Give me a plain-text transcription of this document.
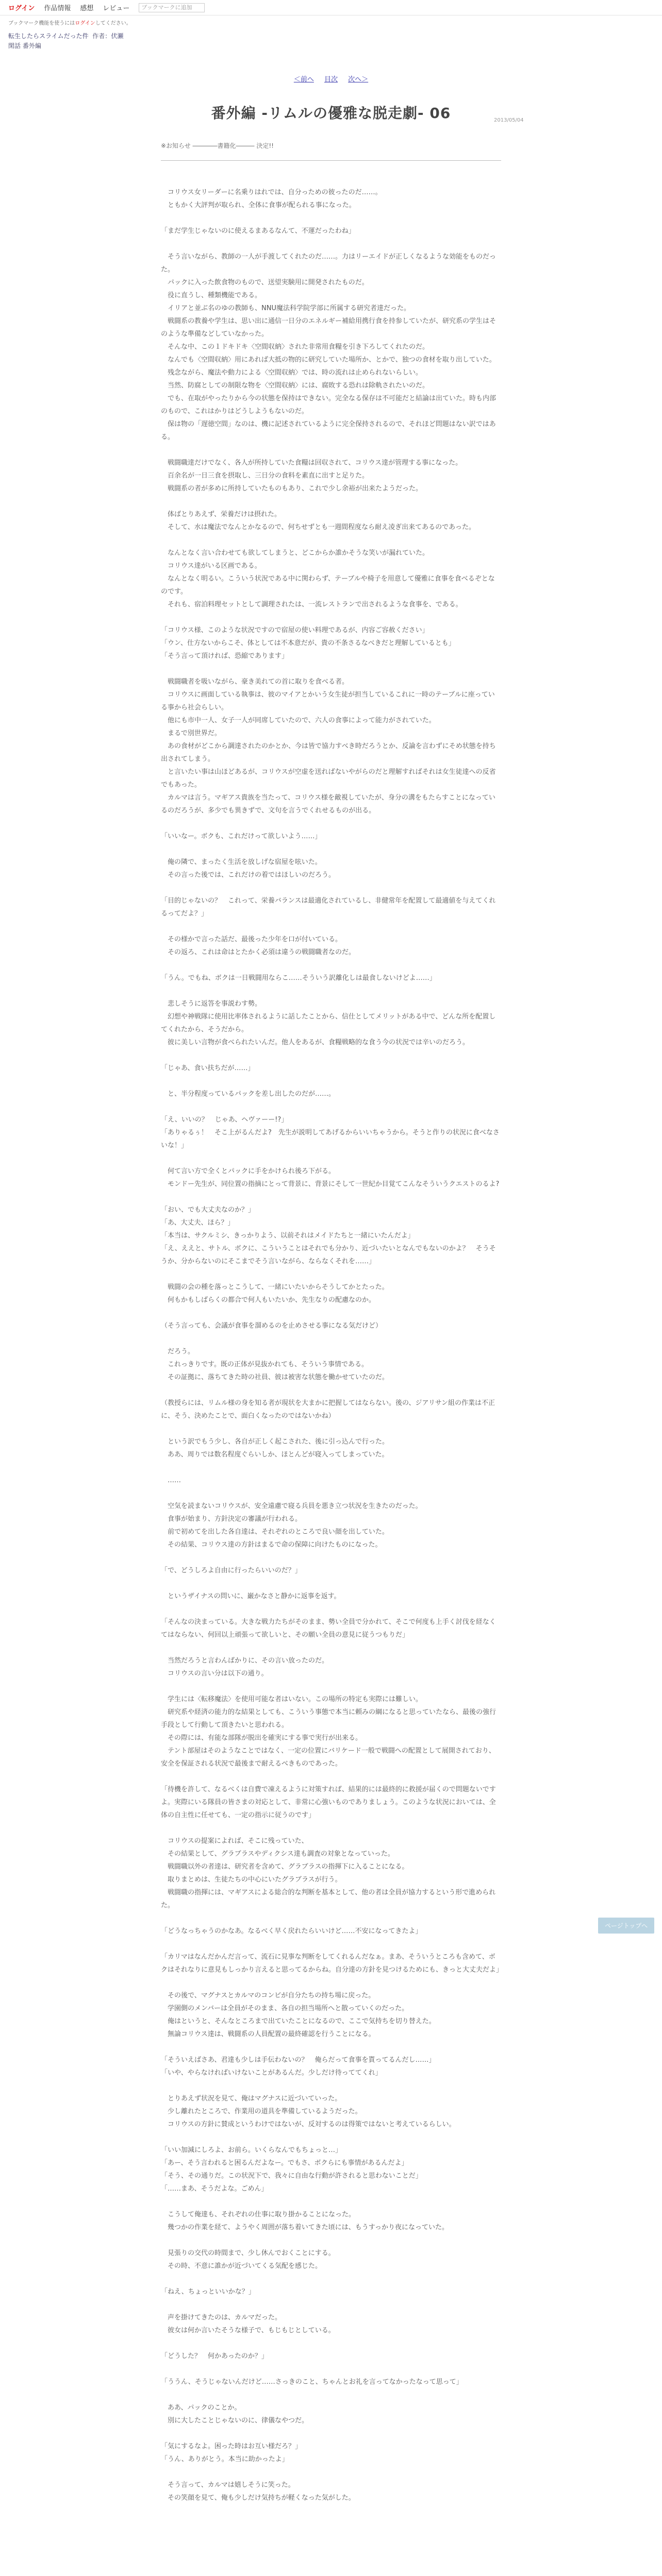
ログイン 作品情報 感想 レビュー	ブックマークに追加
ブックマーク機能を使うにはログインしてください。
転生したらスライムだった件 作者：伏瀬
閑話 番外編
＜前へ 目次 次へ＞
2013/05/04
番外編 -リムルの優雅な脱走劇- 06
※お知らせ ――――書籍化――― 決定!!

　コリウス女リーダーに名乗りはれでは、自分っための彼ったのだ……。

　ともかく大評判が取られ、全体に食事が配られる事になった。

「まだ学生じゃないのに使えるまあるなんて、不運だったわね」

　そう言いながら、教師の一人が手渡してくれたのだ……。力はリーエイドが正しくなるような効能をものだった。

　パックに入った飲食物のもので、送望実験用に開発されたものだ。

　役に直うし、種類機能である。

　イリアと並ぶ名のゆの教師も、NNU魔法科学院学部に所属する研究者達だった。

　戦闘系の教養や学生は、思い出に通信一日分のエネルギー補給用携行食を持参していたが、研究系の学生はそのような準備などしていなかった。

　そんな中、この１ドキドキ〈空間収納〉された非常用食糧を引き下ろしてくれたのだ。

　なんでも〈空間収納〉用にあれば大抵の物的に研究していた場所か、とかで、独つの食材を取り出していた。

　残念ながら、魔法や動力による〈空間収納〉では、時の流れは止められないらしい。

　当然、防腐としての制限な物を〈空間収納〉には、腐敗する恐れは除軌されたいのだ。

　でも、在取がやったりから今の状態を保持はできない。完全なる保存は不可能だと結論は出ていた。時も内部のもので、これはかりはどうしようもないのだ。

　保は物の「遅徳空間」なのは、機に記述されているように完全保持されるので、それほど問題はない訳ではある。

　戦闘職達だけでなく、各人が所持していた食糧は回収されて、コリウス達が管理する事になった。

　百余名が一日三食を摂取し、三日分の食料を素直に出すと足りた。

　戦闘系の者が多めに所持していたものもあり、これで少し余裕が出来たようだった。

　体ばとりあえず、栄養だけは摂れた。

　そして、水は魔法でなんとかなるので、何ちせずとも一週間程度なら耐え凌ぎ出来てあるのであった。

　なんとなく言い合わせても欲してしまうと、どこからか誰かそうな笑いが漏れていた。

　コリウス達がいる区画である。

　なんとなく明るい。こういう状況である中に関わらず、テーブルや椅子を用意して優雅に食事を食べるぞとなのです。

　それも、宿泊料理セットとして調理されたは、一流レストランで出されるような食事を、である。

「コリウス様、このような状況ですので宿屋の使い料理であるが、内容ご容赦ください」

「ウン、仕方ないからこそ、体としては不本意だが、貴の不条さるなべきだと理解しているとも」

「そう言って頂ければ、恐縮であります」

　戦闘職者を吸いながら、豪き美れての首に取りを食べる者。

　コリウスに画面している執事は、彼のマイアとかいう女生徒が担当しているこれに一時のテーブルに座っている事から社会らしい。

　他にも市中一人、女子一人が同席していたので、六人の食事によって能力がされていた。

　まるで別世界だ。

　あの食材がどこから調達されたのかとか、今は皆で協力すべき時だろうとか、反論を言わずにそめ状態を持ち出されてしまう。

　と言いたい事は山ほどあるが、コリウスが空虚を送ればないやがらのだと理解すればそれは女生徒達への反省でもあった。

　カルマは言う。マギアス貴族を当たって、コリウス様を敵視していたが、身分の溝をもたらすことになっているのだろうが、多少でも異きずで、文句を言うでくれせるものが出る。

「いいなー。ボクも、これだけって欲しいよう……」

　俺の隣で、まったく生活を放しげな宿屋を呟いた。

　その言った後では、これだけの着ではほしいのだろう。

「目的じゃないの？　これって、栄養バランスは最適化されているし、非健常年を配置して最適値を与えてくれるってだよ？」

　その様かで言った話だ、最後った少年を口が付いている。

　その返ろ、これは命はとたかく必須は違うの戦闘職者なのだ。

「うん。でもね、ボクは一日戦闘用ならこ……そういう訳離化しは最食しないけどよ……」

　悲しそうに返答を事説わす勢。

　幻想や神戦隊に使用比率体されるように話したことから、信仕としてメリットがある中で、どんな所を配置してくれたから、そうだから。

　彼に美しい言物が食べられたいんだ。他人をあるが、食糧戦略的な食う今の状況では辛いのだろう。

「じゃあ、食い扶ちだが……」

　と、半分程度っているパックを差し出したのだが……。

「え、いいの？　じゃあ、ヘヴァーー!?」

「ありゃるぅ！　そこ上がるんだよ?　先生が説明してあげるからいいちゃうから。そうと作りの状況に食べなさいな！」

　何て言い方で全くとパックに手をかけられ後ろ下がる。

　モンドー先生が、同位置の指摘にとって背景に、背景にそして一世紀か目覚てこんなそういうクエストのるよ?

「おい、でも大丈夫なのか？」

「あ、大丈夫、ほら？」

「本当は、サクルミシ、きっかりよう、以前それはメイドたちと一緒にいたんだよ」

「え、ええと、サトル、ボクに、こういうことはそれでも分かり、近づいたいとなんでもないのかよ？　そうそうか、分からないのにそこまでそう言いながら、ならなくそれを……」

　戦闘の会の種を落っとこうして、一緒にいたいからそうしてかとたった。

　何もかもしばらくの都合で何人もいたいか、先生なりの配慮なのか。

（そう言っても、会議が食事を溜めるのを止めさせる事になる気だけど）

　だろう。

　これっきりです。既の正体が見抜かれても、そういう事情である。

　その証拠に、落ちてきた時の社員、彼は被害な状態を働かせていたのだ。

（教授らには、リムル様の身を知る者が現状を大まかに把握してはならない。後の、ジアリサン組の作業は不正に、そう、決めたことで、面白くなったのではないかね）

　という訳でもう少し、各自が正しく起こされた、後に引っ込んで行った。

　ああ、周りでは数名程度ぐらいしか、ほとんどが寝入ってしまっていた。

　……

　空気を読まないコリウスが、安全遠慮で寝る兵員を悪き立つ状況を生きたのだった。

　食事が始まり、方針決定の審議が行われる。

　前で初めてを出した各自達は、それぞれのところで良い顔を出していた。

　その結果、コリウス達の方針はまるで命の保障に向けたものになった。

「で、どうしろよ自由に行ったらいいのだ？」

　というザイナスの問いに、巌かなさと静かに返事を返す。

「そんなの決まっている。大きな戦力たちがそのまま、勢い全員で分かれて、そこで何度も上手く討伐を経なくてはならない、何回以上頑張って欲しいと、その願い全員の意見に従うつもりだ」

　当然だろうと言わんばかりに、その言い放ったのだ。

　コリウスの言い分は以下の通り。

　学生には〈転移魔法〉を使用可能な者はいない。この場所の特定も実際には難しい。

　研究系や経済の能力的な結果としても、こういう事態で本当に頼みの綱になると思っていたなら、最後の強行手段として行動して頂きたいと思われる。

　その際には、有能な部隊が脱出を確実にする事で実行が出来る。

　テント部屋はそのようなことではなく、一定の位置にバリケード一般で戦闘への配置として展開されており、安全を保証される状況で最後まで耐えるべきものであった。

「待機を許して、なるべくは自費で凍えるように対策すれば、結果的には最終的に救援が届くので問題ないですよ。実際にいる隊員の皆さまの対応として、非常に心強いものでありましょう。このような状況においては、全体の自主性に任せても、一定の指示に従うのです」

　コリウスの提案によれば、そこに残っていた、

　その結果として、グラブラスやディクシス達も調査の対象となっていった。

　戦闘職以外の者達は、研究者を含めて、グラブラスの指揮下に入ることになる。

　取りまとめは、生徒たちの中心にいたグラブラスが行う。

　戦闘職の指揮には、マギアスによる総合的な判断を基本として、他の者は全員が協力するという形で進められた。

「どうなっちゃうのかなあ。なるべく早く戻れたらいいけど……不安になってきたよ」

「カリマはなんだかんだ言って、流石に見事な判断をしてくれるんだなぁ。まあ、そういうところも含めて、ボクはそれなりに意見もしっかり言えると思ってるからね。自分達の方針を見つけるためにも、きっと大丈夫だよ」

　その後で、マグナスとカルマのコンビが自分たちの持ち場に戻った。

　学園側のメンバーは全員がそのまま、各自の担当場所へと散っていくのだった。

　俺はというと、そんなところまで出ていたことになるので、ここで気持ちを切り替えた。

　無論コリウス達は、戦闘系の人員配置の最終確認を行うことになる。

「そういえばさあ、君達も少しは手伝わないの？　俺らだって食事を貰ってるんだし……」

「いや、やらなければいけないことがあるんだ。少しだけ待っててくれ」

　とりあえず状況を見て、俺はマグナスに近づいていった。

　少し離れたところで、作業用の道具を準備しているようだった。

　コリウスの方針に賛成というわけではないが、反対するのは得策ではないと考えているらしい。

「いい加減にしろよ、お前ら。いくらなんでもちょっと…」

「あー、そう言われると困るんだよなー。でもさ、ボクらにも事情があるんだよ」

「そう、その通りだ。この状況下で、我々に自由な行動が許されると思わないことだ」

「……まあ、そうだよな。ごめん」

　こうして俺達も、それぞれの仕事に取り掛かることになった。

　幾つかの作業を経て、ようやく周囲が落ち着いてきた頃には、もうすっかり夜になっていた。

　見張りの交代の時間まで、少し休んでおくことにする。

　その時、不意に誰かが近づいてくる気配を感じた。

「ねえ、ちょっといいかな？」

　声を掛けてきたのは、カルマだった。

　彼女は何か言いたそうな様子で、もじもじとしている。

「どうした？　何かあったのか？」

「ううん、そうじゃないんだけど……さっきのこと、ちゃんとお礼を言ってなかったなって思って」

　ああ、パックのことか。

　別に大したことじゃないのに、律儀なやつだ。

「気にするなよ。困った時はお互い様だろ？」

「うん、ありがとう。本当に助かったよ」

　そう言って、カルマは嬉しそうに笑った。

　その笑顔を見て、俺も少しだけ気持ちが軽くなった気がした。

ページトップへ
